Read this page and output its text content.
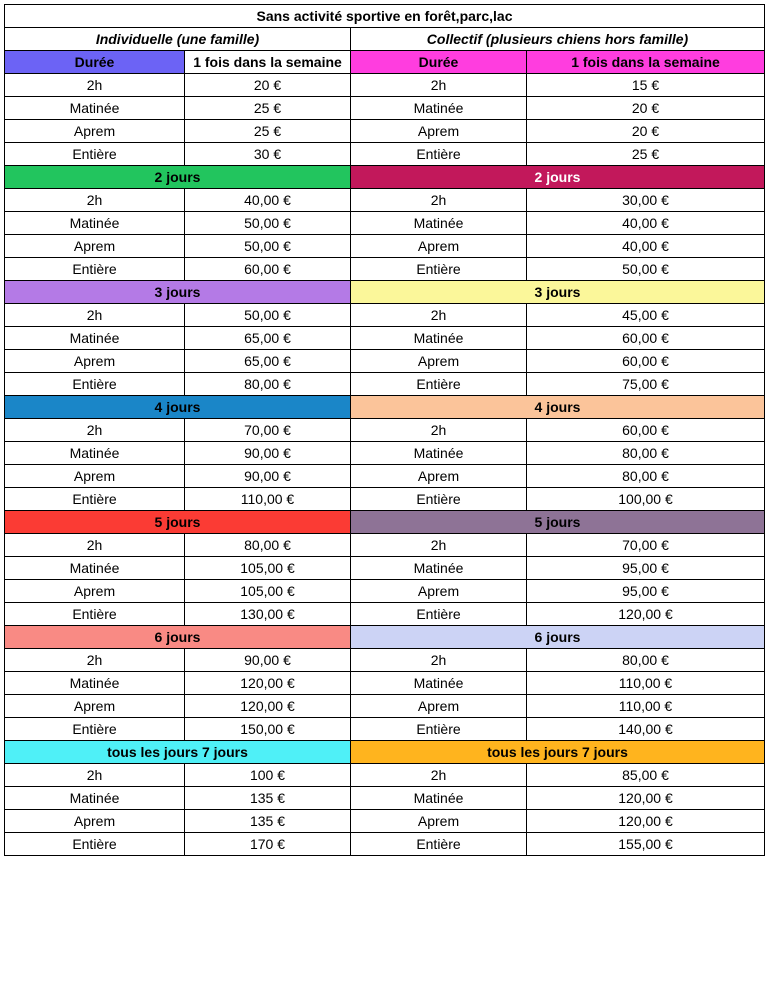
Sans activité sportive en forêt,parc,lac			
Individuelle (une famille)		Collectif (plusieurs chiens hors famille)	
Durée	1 fois dans la semaine	Durée	1 fois dans la semaine
2h	20 €	2h	15 €
Matinée	25 €	Matinée	20 €
Aprem	25 €	Aprem	20 €
Entière	30 €	Entière	25 €
2 jours		2 jours	
2h	40,00 €	2h	30,00 €
Matinée	50,00 €	Matinée	40,00 €
Aprem	50,00 €	Aprem	40,00 €
Entière	60,00 €	Entière	50,00 €
3 jours		3 jours	
2h	50,00 €	2h	45,00 €
Matinée	65,00 €	Matinée	60,00 €
Aprem	65,00 €	Aprem	60,00 €
Entière	80,00 €	Entière	75,00 €
4 jours		4 jours	
2h	70,00 €	2h	60,00 €
Matinée	90,00 €	Matinée	80,00 €
Aprem	90,00 €	Aprem	80,00 €
Entière	110,00 €	Entière	100,00 €
5 jours		5 jours	
2h	80,00 €	2h	70,00 €
Matinée	105,00 €	Matinée	95,00 €
Aprem	105,00 €	Aprem	95,00 €
Entière	130,00 €	Entière	120,00 €
6 jours		6 jours	
2h	90,00 €	2h	80,00 €
Matinée	120,00 €	Matinée	110,00 €
Aprem	120,00 €	Aprem	110,00 €
Entière	150,00 €	Entière	140,00 €
tous les jours 7 jours		tous les jours 7 jours	
2h	100 €	2h	85,00 €
Matinée	135 €	Matinée	120,00 €
Aprem	135 €	Aprem	120,00 €
Entière	170 €	Entière	155,00 €
